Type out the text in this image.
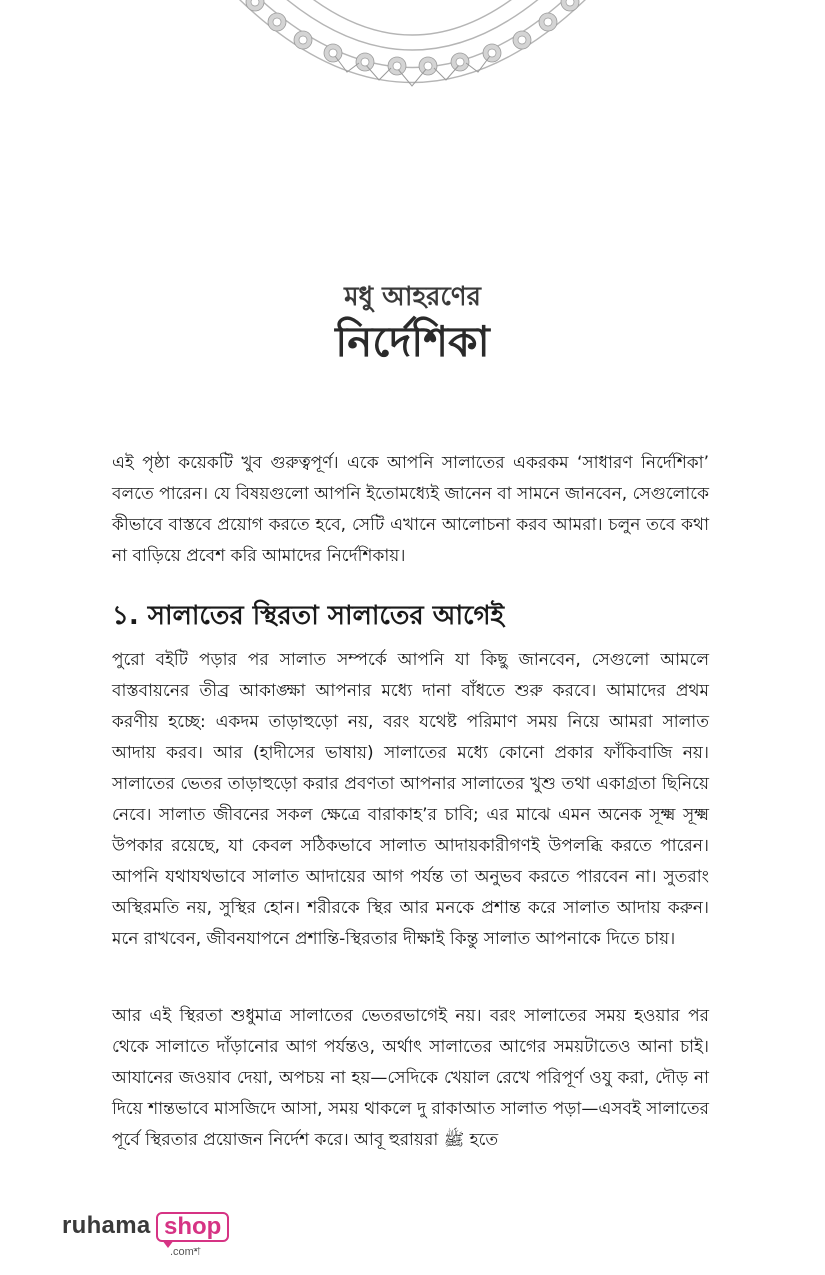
মধু আহরণের
নির্দেশিকা

এই পৃষ্ঠা কয়েকটি খুব গুরুত্বপূর্ণ। একে আপনি সালাতের একরকম ‘সাধারণ নির্দেশিকা’ বলতে পারেন। যে বিষয়গুলো আপনি ইতোমধ্যেই জানেন বা সামনে জানবেন, সেগুলোকে কীভাবে বাস্তবে প্রয়োগ করতে হবে, সেটি এখানে আলোচনা করব আমরা। চলুন তবে কথা না বাড়িয়ে প্রবেশ করি আমাদের নির্দেশিকায়।

১. সালাতের স্থিরতা সালাতের আগেই

পুরো বইটি পড়ার পর সালাত সম্পর্কে আপনি যা কিছু জানবেন, সেগুলো আমলে বাস্তবায়নের তীব্র আকাঙ্ক্ষা আপনার মধ্যে দানা বাঁধতে শুরু করবে। আমাদের প্রথম করণীয় হচ্ছে: একদম তাড়াহুড়ো নয়, বরং যথেষ্ট পরিমাণ সময় নিয়ে আমরা সালাত আদায় করব। আর (হাদীসের ভাষায়) সালাতের মধ্যে কোনো প্রকার ফাঁকিবাজি নয়। সালাতের ভেতর তাড়াহুড়ো করার প্রবণতা আপনার সালাতের খুশু তথা একাগ্রতা ছিনিয়ে নেবে। সালাত জীবনের সকল ক্ষেত্রে বারাকাহ’র চাবি; এর মাঝে এমন অনেক সূক্ষ্ম সূক্ষ্ম উপকার রয়েছে, যা কেবল সঠিকভাবে সালাত আদায়কারীগণই উপলব্ধি করতে পারেন। আপনি যথাযথভাবে সালাত আদায়ের আগ পর্যন্ত তা অনুভব করতে পারবেন না। সুতরাং অস্থিরমতি নয়, সুস্থির হোন। শরীরকে স্থির আর মনকে প্রশান্ত করে সালাত আদায় করুন। মনে রাখবেন, জীবনযাপনে প্রশান্তি-স্থিরতার দীক্ষাই কিন্তু সালাত আপনাকে দিতে চায়।

আর এই স্থিরতা শুধুমাত্র সালাতের ভেতরভাগেই নয়। বরং সালাতের সময় হওয়ার পর থেকে সালাতে দাঁড়ানোর আগ পর্যন্তও, অর্থাৎ সালাতের আগের সময়টাতেও আনা চাই। আযানের জওয়াব দেয়া, অপচয় না হয়—সেদিকে খেয়াল রেখে পরিপূর্ণ ওযু করা, দৌড় না দিয়ে শান্তভাবে মাসজিদে আসা, সময় থাকলে দু রাকাআত সালাত পড়া—এসবই সালাতের পূর্বে স্থিরতার প্রয়োজন নির্দেশ করে। আবূ হুরায়রা ﷺ হতে

ruhama shop
.comশ
